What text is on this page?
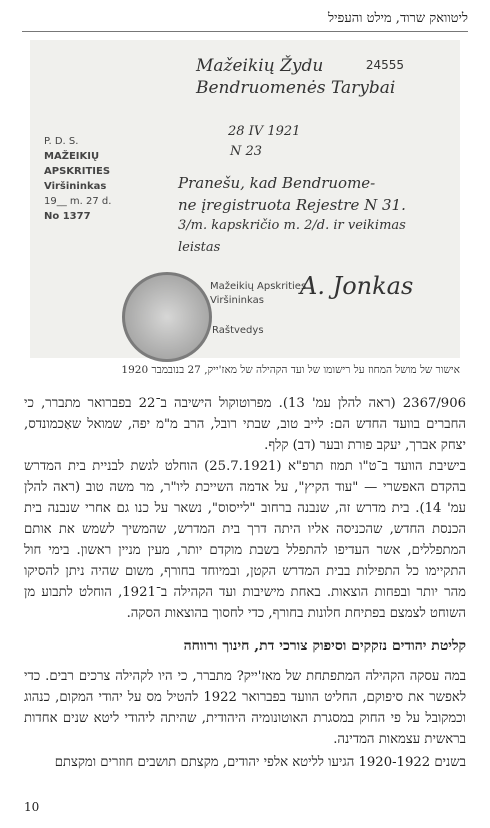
ליטוואק שרוד, מילט והעפיל
24555
Mažeikių Žydu
Bendruomenės Tarybai
28 IV 1921
N 23
Pranešu, kad Bendruome-
ne įregistruota Rejestre N 31.
3/m. kapskričio m. 2/d. ir veikimas
leistas
P. D. S.
MAŽEIKIŲ APSKRITIES
Viršininkas
19__ m. 27 d.
No 1377
Mažeikių Apskrities
Viršininkas
A. Jonkas
Raštvedys
אישור של מושל המחוז על רישומו של ועד הקהילה של מאז'ייק, 27 בנובמבר 1920

2367/906 (ראה להלן עמ' 13). מפרוטוקול הישיבה ב־22 בפברואר מתברר, כי החברים בוועד החדש הם: לייב טוב, שבתי רובל, הרב מ"מ יפה, שמואל שאַכמונדס, יצחק אברך, יעקב פורת ובער (דב) קלף.

בישיבת הוועד ב־ט"ו תמוז תרפ"א (25.7.1921) הוחלט לגשת לבניית בית המדרש בהקדם האפשרי — "עוד הקיץ", על אדמה השייכת ליו"ר, מר משה טוב (ראה להלן עמ' 14). בית מדרש זה, שנבנה ברחוב "לייסוס", נשאר על כנו גם אחרי שנבנה בית הכנסת החדש, שהכניסה אליו היתה דרך בית המדרש, שהמשיך לשמש את אותם המתפללים, אשר העדיפו להתפלל בשבת מוקדם יותר, מעין מניין ראשון. בימי חול התקיימו כל התפילות בבית המדרש הקטן, ובמיוחד בחורף, משום שהיה ניתן להסיקו מהר יותר ובפחות הוצאות. באחת מישיבות ועד הקהילה ב־1921, הוחלט לתבוע מן השוחט לצמצם בפתיחת חלונות בחורף, כדי לחסוך בהוצאות הסקה.

קליטת יהודים נזקקים וסיפוק צורכי דת, חינוך ורווחה

במה עסקה הקהילה המתפתחת של מאז'ייק? מתברר, כי היו לקהילה צרכים רבים. כדי לאפשר את סיפוקם, החליט הוועד בפברואר 1922 להטיל מס על יהודי המקום, כנהוג וכמקובל על פי החוק במסגרת האוטונומיה היהודית, שהיתה ליהודי ליטא שנים אחדות בראשית עצמאות המדינה.

בשנים 1920-1922 הגיעו לליטא אלפי יהודים, מקצתם תושבים חוזרים ומקצתם

10
